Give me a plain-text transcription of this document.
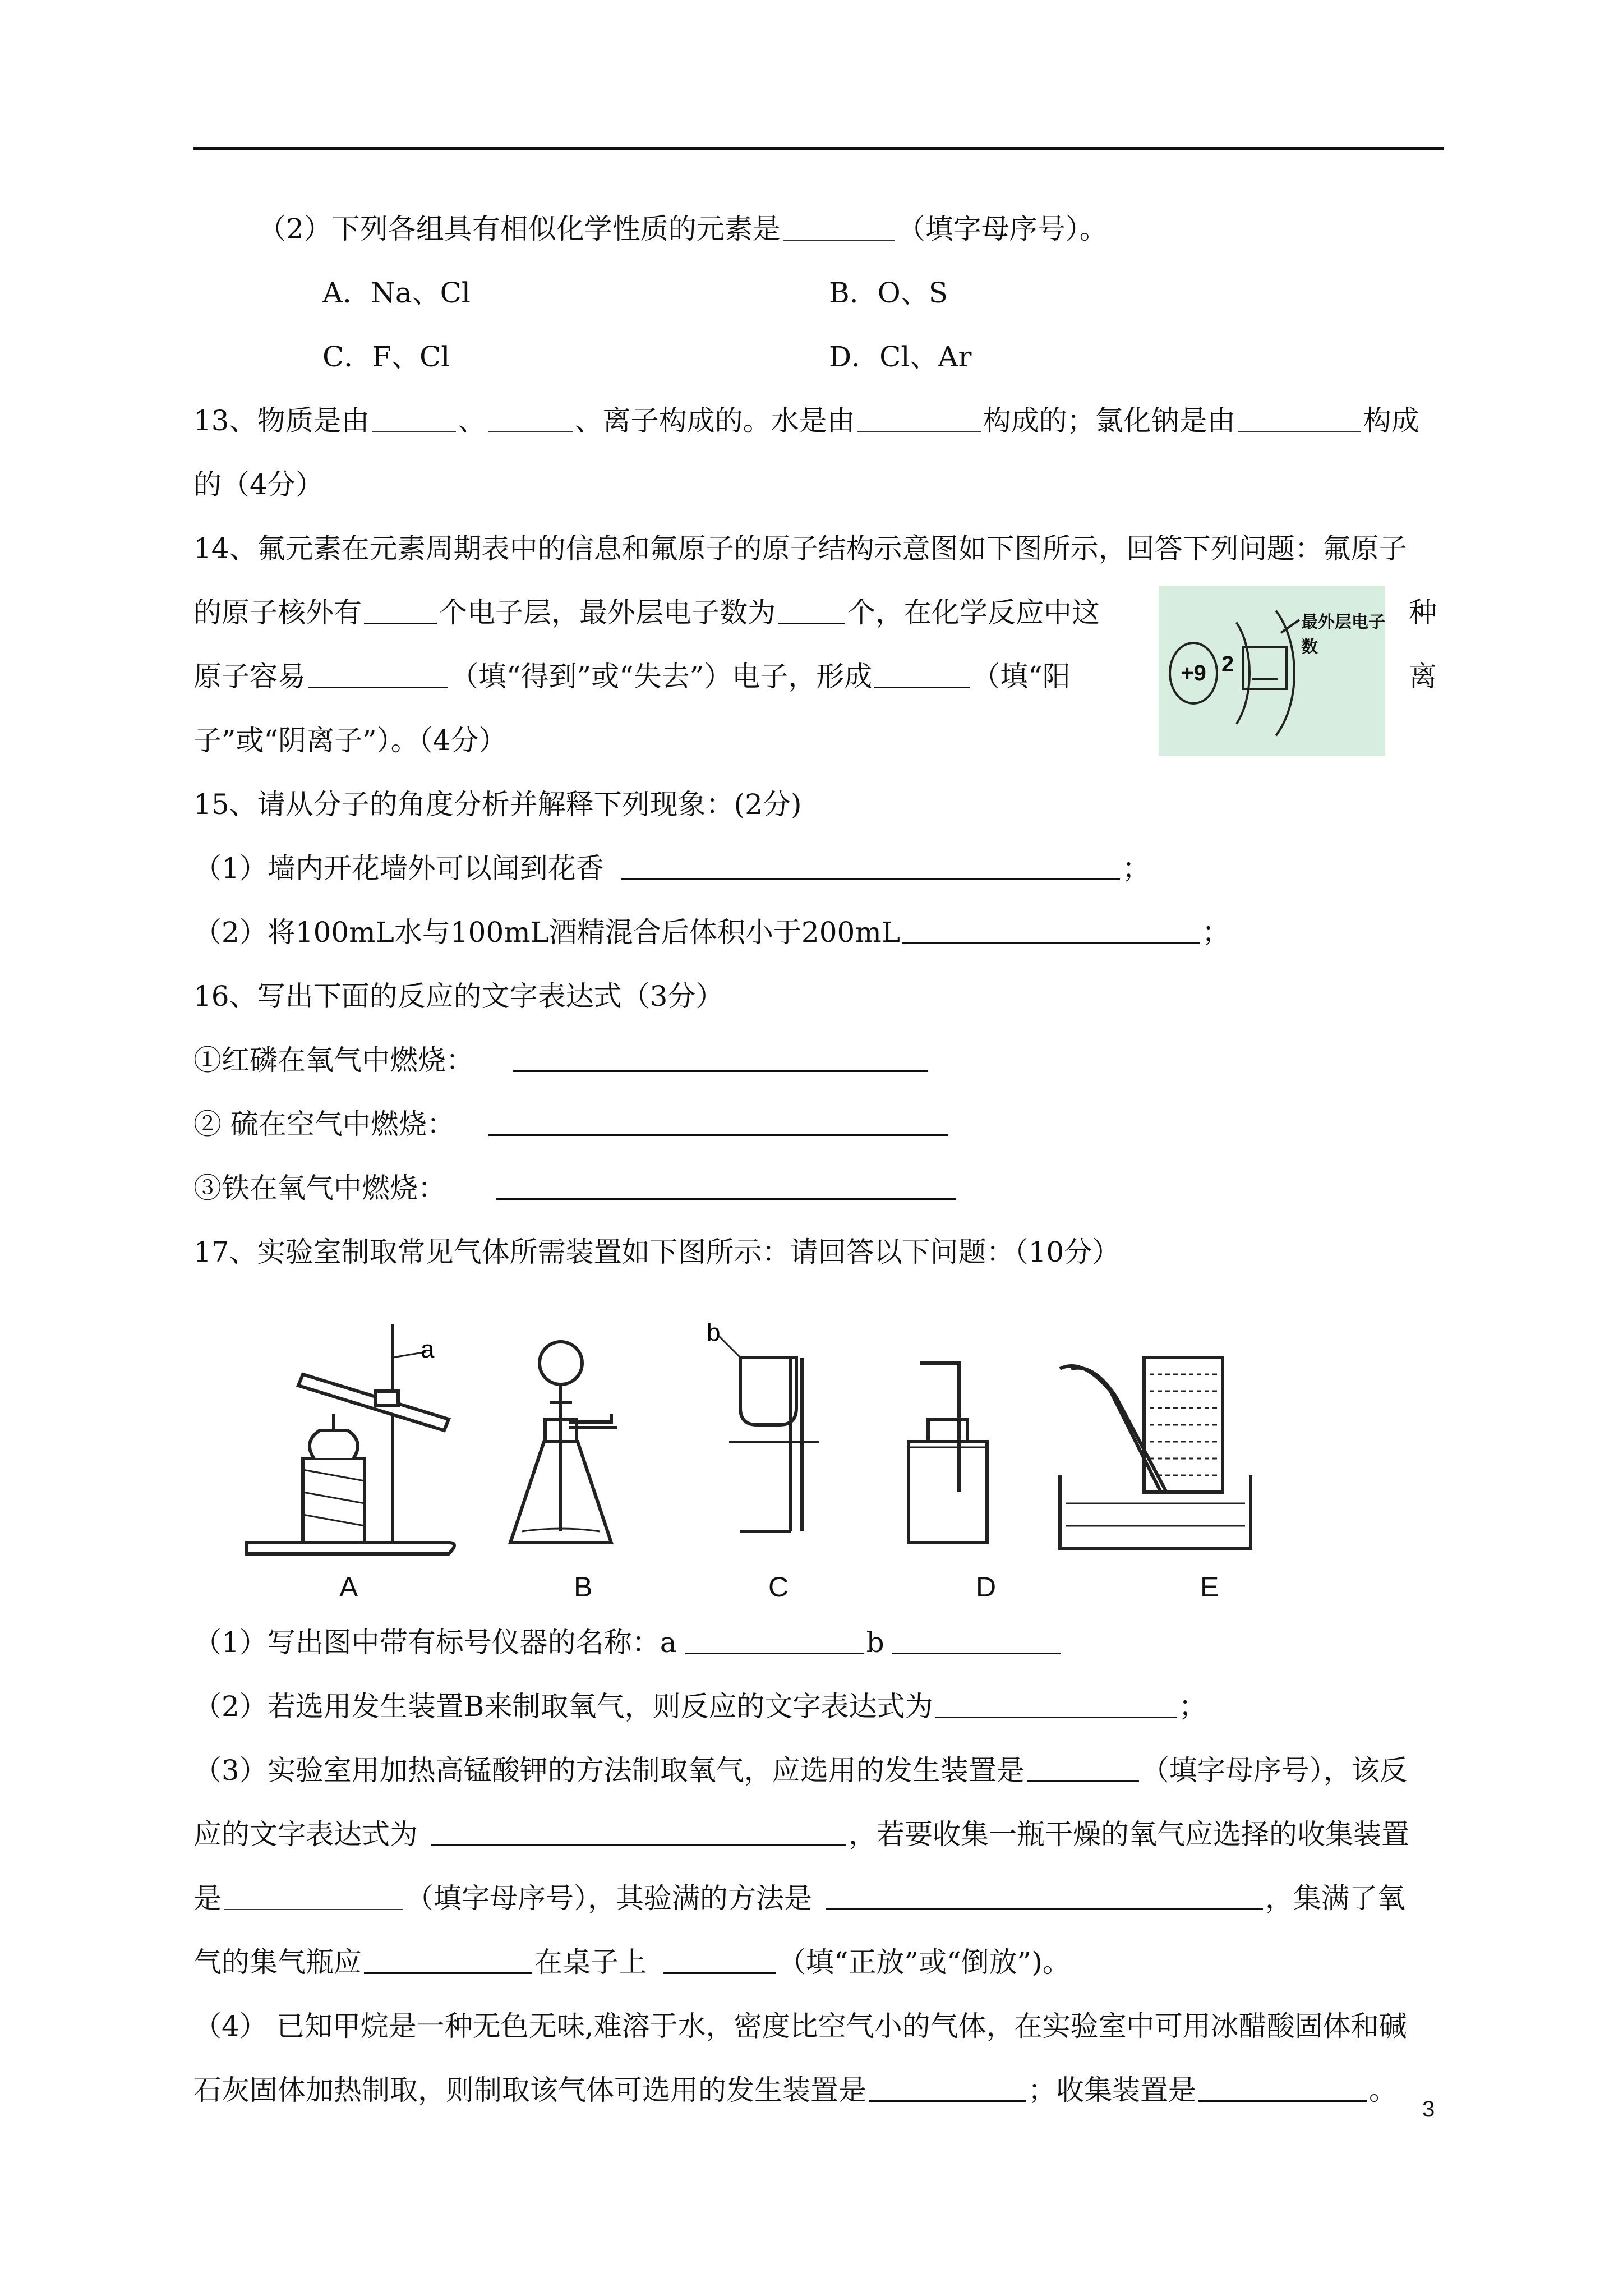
（2）下列各组具有相似化学性质的元素是	（填字母序号）。
A．Na、Cl	B．O、S
C．F、Cl	D．Cl、Ar
13、物质是由	、	、离子构成的。水是由	构成的；氯化钠是由	构成
的（4分）
14、氟元素在元素周期表中的信息和氟原子的原子结构示意图如下图所示，回答下列问题：氟原子
的原子核外有	个电子层，最外层电子数为	个，在化学反应中这	种
原子容易	（填“得到”或“失去”）电子，形成	（填“阳	离
子”或“阴离子”）。（4分）
+9 2
最外层电子数
15、请从分子的角度分析并解释下列现象：(2分)
（1）墙内开花墙外可以闻到花香	；
（2）将100mL水与100mL酒精混合后体积小于200mL	；
16、写出下面的反应的文字表达式（3分）
①红磷在氧气中燃烧：
② 硫在空气中燃烧：
③铁在氧气中燃烧：
17、实验室制取常见气体所需装置如下图所示：请回答以下问题：（10分）
a
b
A	B	C	D	E
（1）写出图中带有标号仪器的名称：a	b
（2）若选用发生装置B来制取氧气，则反应的文字表达式为	；
（3）实验室用加热高锰酸钾的方法制取氧气，应选用的发生装置是	（填字母序号），该反
应的文字表达式为	，若要收集一瓶干燥的氧气应选择的收集装置
是	（填字母序号），其验满的方法是	，集满了氧
气的集气瓶应	在桌子上	（填“正放”或“倒放”)。
（4） 已知甲烷是一种无色无味,难溶于水，密度比空气小的气体，在实验室中可用冰醋酸固体和碱
石灰固体加热制取，则制取该气体可选用的发生装置是	；收集装置是	。
3
